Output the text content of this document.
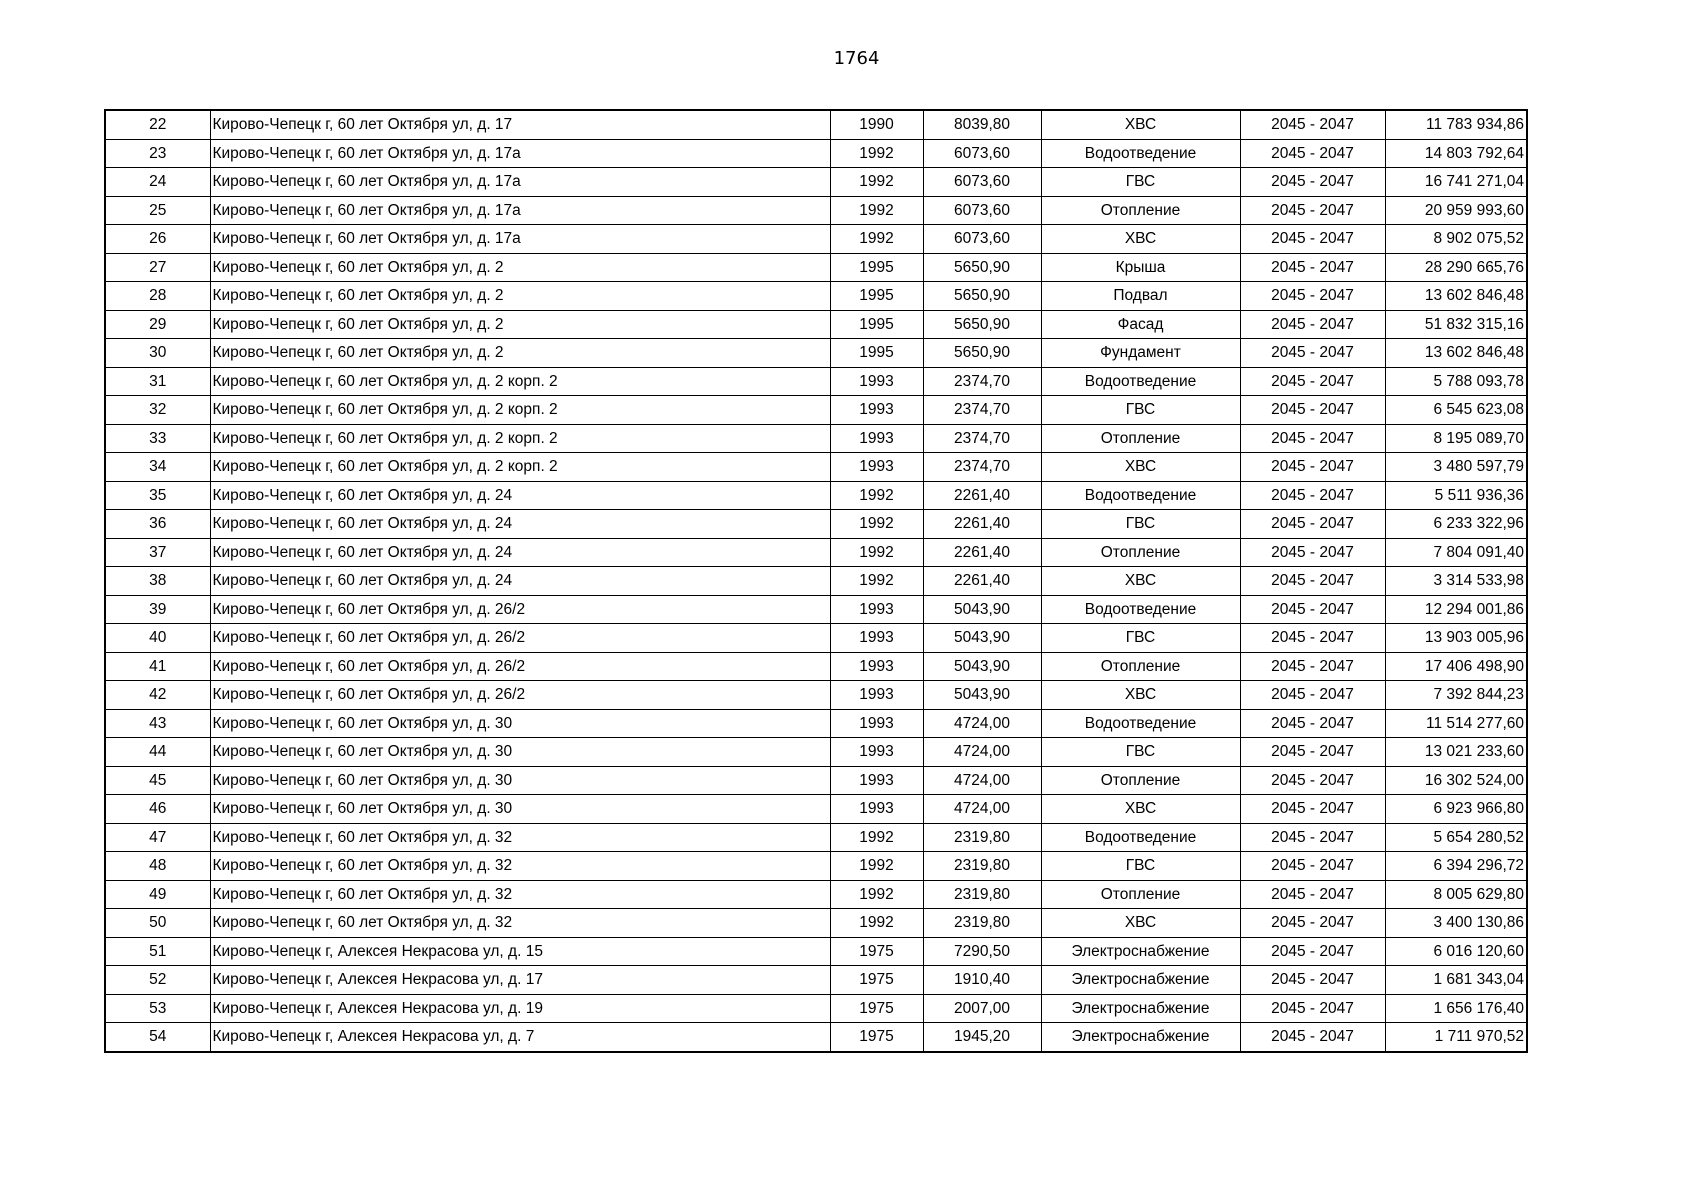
1764
22	Кирово-Чепецк г, 60 лет Октября ул, д. 17	1990	8039,80	ХВС	2045 - 2047	11 783 934,86
23	Кирово-Чепецк г, 60 лет Октября ул, д. 17а	1992	6073,60	Водоотведение	2045 - 2047	14 803 792,64
24	Кирово-Чепецк г, 60 лет Октября ул, д. 17а	1992	6073,60	ГВС	2045 - 2047	16 741 271,04
25	Кирово-Чепецк г, 60 лет Октября ул, д. 17а	1992	6073,60	Отопление	2045 - 2047	20 959 993,60
26	Кирово-Чепецк г, 60 лет Октября ул, д. 17а	1992	6073,60	ХВС	2045 - 2047	8 902 075,52
27	Кирово-Чепецк г, 60 лет Октября ул, д. 2	1995	5650,90	Крыша	2045 - 2047	28 290 665,76
28	Кирово-Чепецк г, 60 лет Октября ул, д. 2	1995	5650,90	Подвал	2045 - 2047	13 602 846,48
29	Кирово-Чепецк г, 60 лет Октября ул, д. 2	1995	5650,90	Фасад	2045 - 2047	51 832 315,16
30	Кирово-Чепецк г, 60 лет Октября ул, д. 2	1995	5650,90	Фундамент	2045 - 2047	13 602 846,48
31	Кирово-Чепецк г, 60 лет Октября ул, д. 2 корп. 2	1993	2374,70	Водоотведение	2045 - 2047	5 788 093,78
32	Кирово-Чепецк г, 60 лет Октября ул, д. 2 корп. 2	1993	2374,70	ГВС	2045 - 2047	6 545 623,08
33	Кирово-Чепецк г, 60 лет Октября ул, д. 2 корп. 2	1993	2374,70	Отопление	2045 - 2047	8 195 089,70
34	Кирово-Чепецк г, 60 лет Октября ул, д. 2 корп. 2	1993	2374,70	ХВС	2045 - 2047	3 480 597,79
35	Кирово-Чепецк г, 60 лет Октября ул, д. 24	1992	2261,40	Водоотведение	2045 - 2047	5 511 936,36
36	Кирово-Чепецк г, 60 лет Октября ул, д. 24	1992	2261,40	ГВС	2045 - 2047	6 233 322,96
37	Кирово-Чепецк г, 60 лет Октября ул, д. 24	1992	2261,40	Отопление	2045 - 2047	7 804 091,40
38	Кирово-Чепецк г, 60 лет Октября ул, д. 24	1992	2261,40	ХВС	2045 - 2047	3 314 533,98
39	Кирово-Чепецк г, 60 лет Октября ул, д. 26/2	1993	5043,90	Водоотведение	2045 - 2047	12 294 001,86
40	Кирово-Чепецк г, 60 лет Октября ул, д. 26/2	1993	5043,90	ГВС	2045 - 2047	13 903 005,96
41	Кирово-Чепецк г, 60 лет Октября ул, д. 26/2	1993	5043,90	Отопление	2045 - 2047	17 406 498,90
42	Кирово-Чепецк г, 60 лет Октября ул, д. 26/2	1993	5043,90	ХВС	2045 - 2047	7 392 844,23
43	Кирово-Чепецк г, 60 лет Октября ул, д. 30	1993	4724,00	Водоотведение	2045 - 2047	11 514 277,60
44	Кирово-Чепецк г, 60 лет Октября ул, д. 30	1993	4724,00	ГВС	2045 - 2047	13 021 233,60
45	Кирово-Чепецк г, 60 лет Октября ул, д. 30	1993	4724,00	Отопление	2045 - 2047	16 302 524,00
46	Кирово-Чепецк г, 60 лет Октября ул, д. 30	1993	4724,00	ХВС	2045 - 2047	6 923 966,80
47	Кирово-Чепецк г, 60 лет Октября ул, д. 32	1992	2319,80	Водоотведение	2045 - 2047	5 654 280,52
48	Кирово-Чепецк г, 60 лет Октября ул, д. 32	1992	2319,80	ГВС	2045 - 2047	6 394 296,72
49	Кирово-Чепецк г, 60 лет Октября ул, д. 32	1992	2319,80	Отопление	2045 - 2047	8 005 629,80
50	Кирово-Чепецк г, 60 лет Октября ул, д. 32	1992	2319,80	ХВС	2045 - 2047	3 400 130,86
51	Кирово-Чепецк г, Алексея Некрасова ул, д. 15	1975	7290,50	Электроснабжение	2045 - 2047	6 016 120,60
52	Кирово-Чепецк г, Алексея Некрасова ул, д. 17	1975	1910,40	Электроснабжение	2045 - 2047	1 681 343,04
53	Кирово-Чепецк г, Алексея Некрасова ул, д. 19	1975	2007,00	Электроснабжение	2045 - 2047	1 656 176,40
54	Кирово-Чепецк г, Алексея Некрасова ул, д. 7	1975	1945,20	Электроснабжение	2045 - 2047	1 711 970,52
